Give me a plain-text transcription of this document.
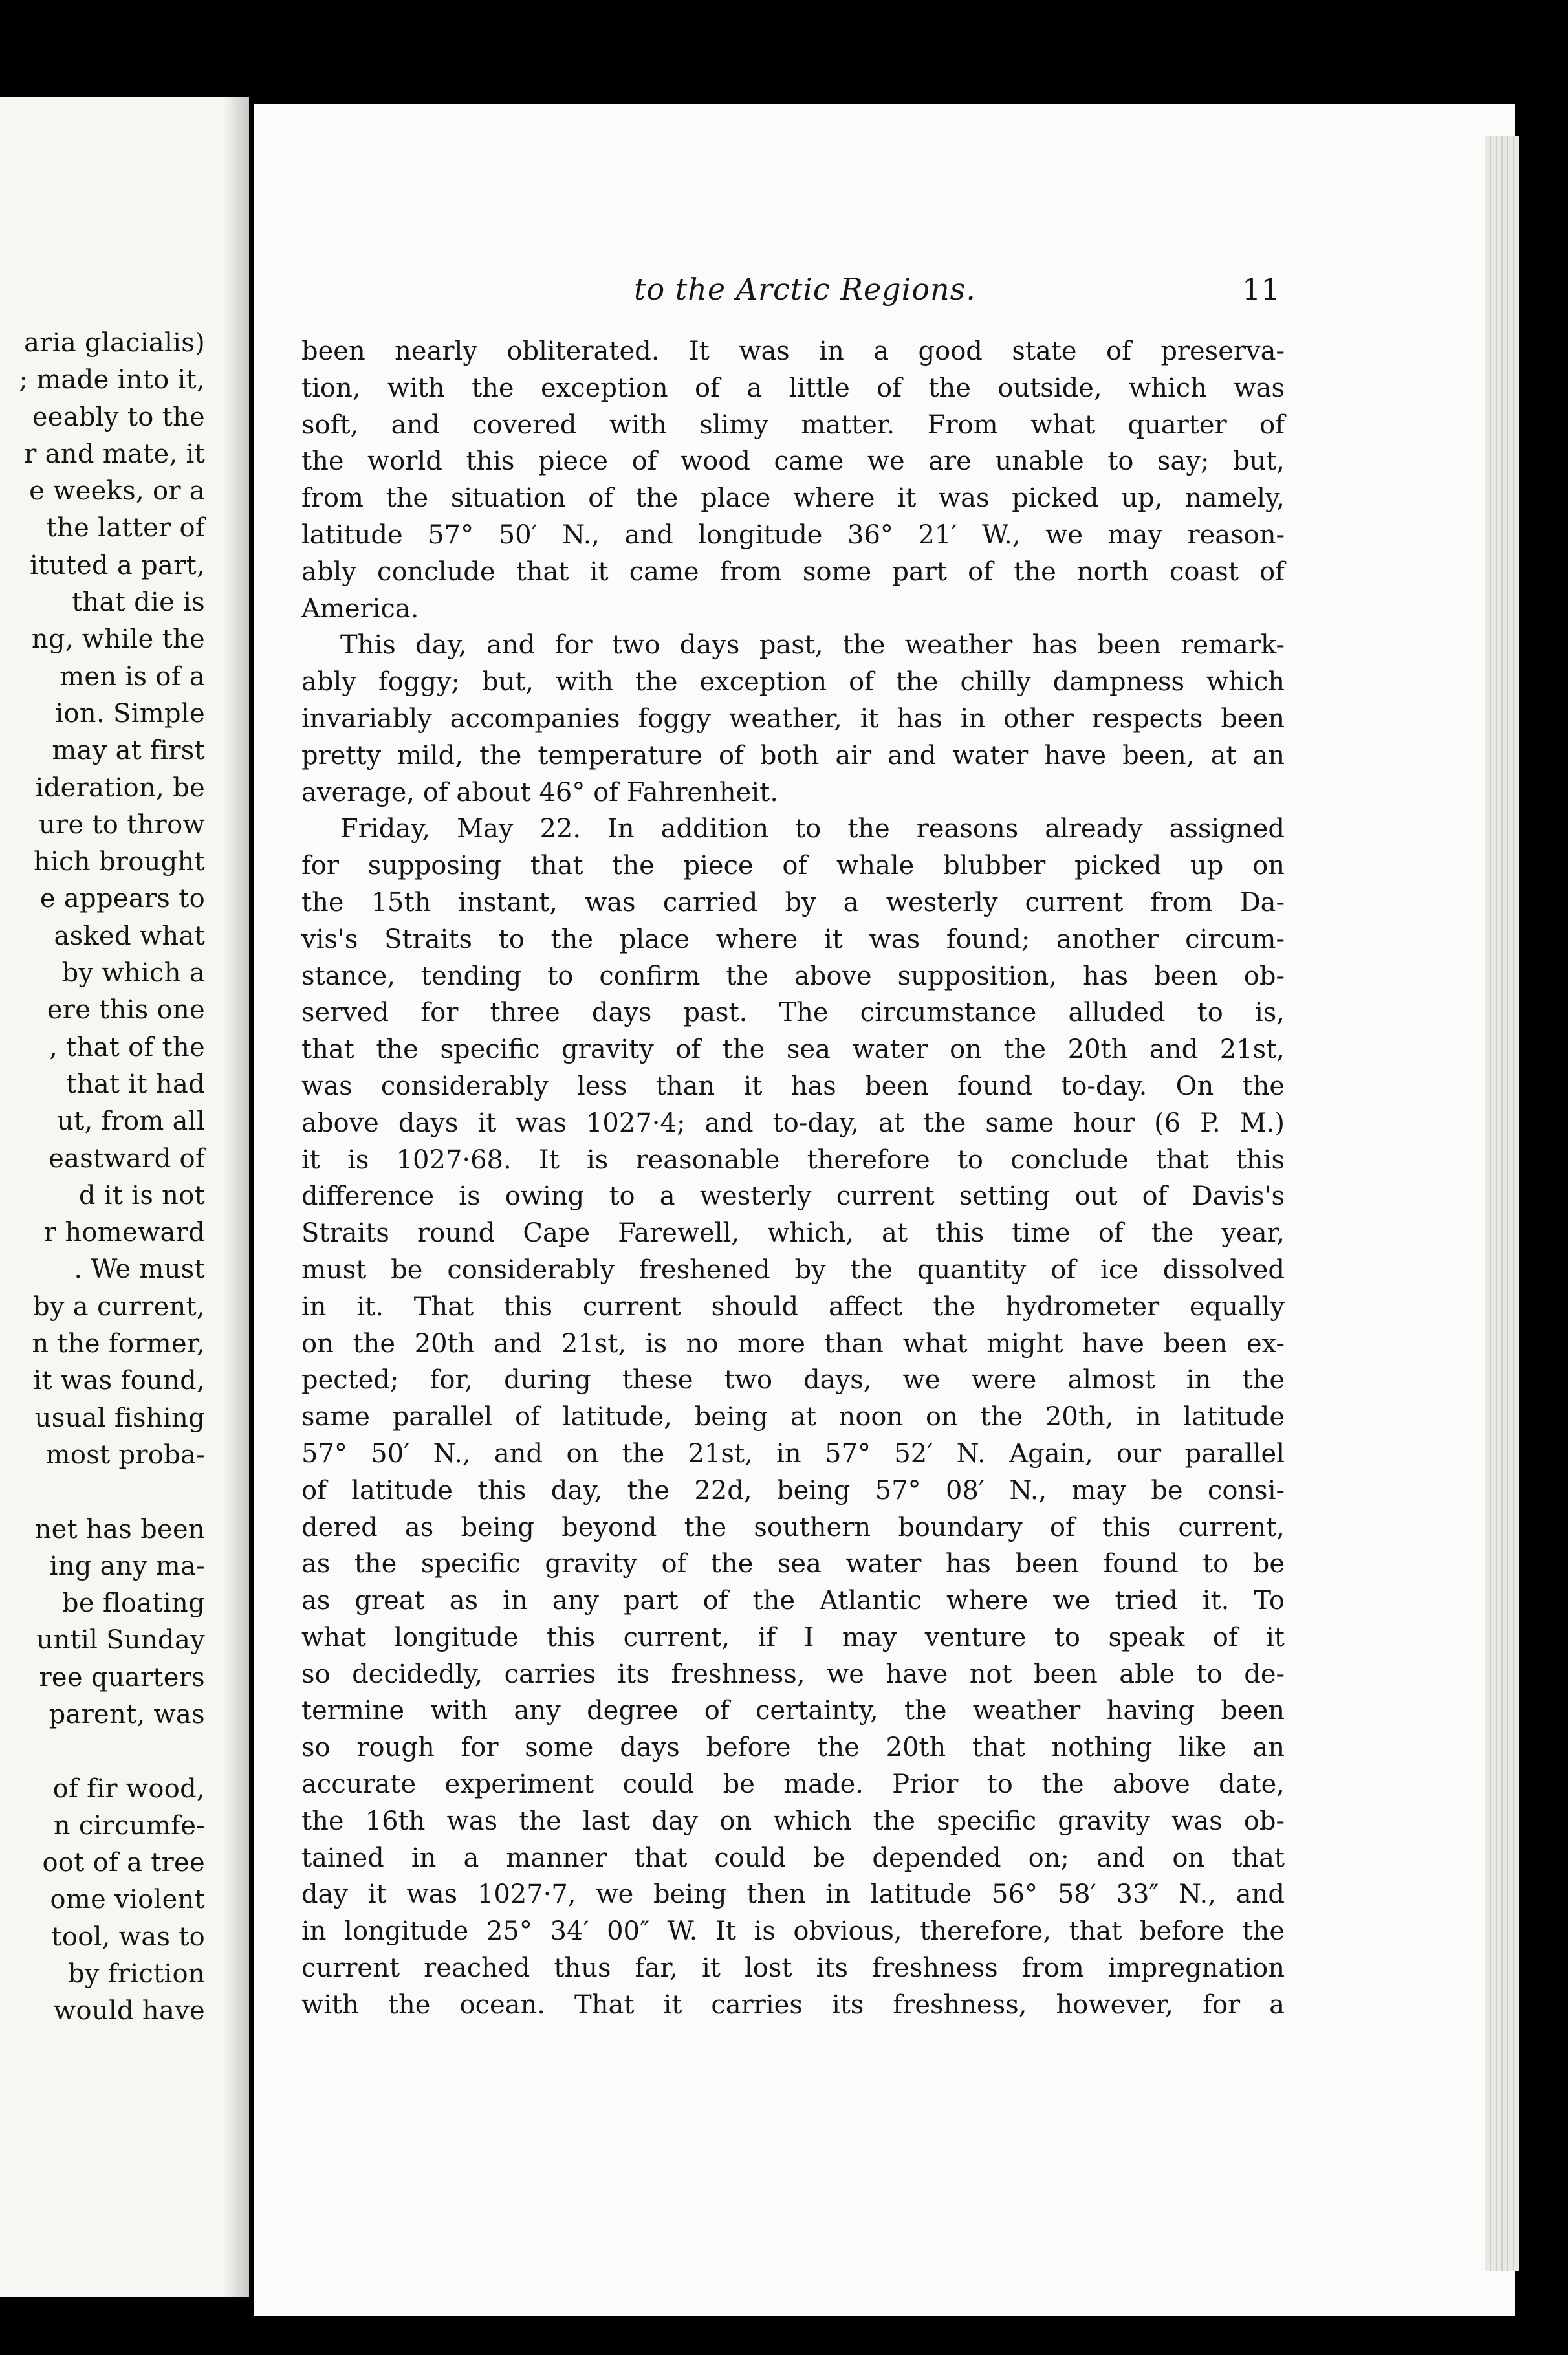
aria glacialis)
; made into it,
eeably to the
r and mate, it
e weeks, or a
the latter of
ituted a part,
that die is
ng, while the
men is of a
ion. Simple
may at first
ideration, be
ure to throw
hich brought
e appears to
asked what
by which a
ere this one
, that of the
that it had
ut, from all
eastward of
d it is not
r homeward
. We must
by a current,
n the former,
it was found,
usual fishing
most proba-
net has been
ing any ma-
be floating
until Sunday
ree quarters
parent, was
of fir wood,
n circumfe-
oot of a tree
ome violent
tool, was to
by friction
would have
to the Arctic Regions.	11
been nearly obliterated. It was in a good state of preserva-
tion, with the exception of a little of the outside, which was
soft, and covered with slimy matter. From what quarter of
the world this piece of wood came we are unable to say; but,
from the situation of the place where it was picked up, namely,
latitude 57° 50′ N., and longitude 36° 21′ W., we may reason-
ably conclude that it came from some part of the north coast of
America.
This day, and for two days past, the weather has been remark-
ably foggy; but, with the exception of the chilly dampness which
invariably accompanies foggy weather, it has in other respects been
pretty mild, the temperature of both air and water have been, at an
average, of about 46° of Fahrenheit.
Friday, May 22. In addition to the reasons already assigned
for supposing that the piece of whale blubber picked up on
the 15th instant, was carried by a westerly current from Da-
vis's Straits to the place where it was found; another circum-
stance, tending to confirm the above supposition, has been ob-
served for three days past. The circumstance alluded to is,
that the specific gravity of the sea water on the 20th and 21st,
was considerably less than it has been found to-day. On the
above days it was 1027·4; and to-day, at the same hour (6 P. M.)
it is 1027·68. It is reasonable therefore to conclude that this
difference is owing to a westerly current setting out of Davis's
Straits round Cape Farewell, which, at this time of the year,
must be considerably freshened by the quantity of ice dissolved
in it. That this current should affect the hydrometer equally
on the 20th and 21st, is no more than what might have been ex-
pected; for, during these two days, we were almost in the
same parallel of latitude, being at noon on the 20th, in latitude
57° 50′ N., and on the 21st, in 57° 52′ N. Again, our parallel
of latitude this day, the 22d, being 57° 08′ N., may be consi-
dered as being beyond the southern boundary of this current,
as the specific gravity of the sea water has been found to be
as great as in any part of the Atlantic where we tried it. To
what longitude this current, if I may venture to speak of it
so decidedly, carries its freshness, we have not been able to de-
termine with any degree of certainty, the weather having been
so rough for some days before the 20th that nothing like an
accurate experiment could be made. Prior to the above date,
the 16th was the last day on which the specific gravity was ob-
tained in a manner that could be depended on; and on that
day it was 1027·7, we being then in latitude 56° 58′ 33″ N., and
in longitude 25° 34′ 00″ W. It is obvious, therefore, that before the
current reached thus far, it lost its freshness from impregnation
with the ocean. That it carries its freshness, however, for a
